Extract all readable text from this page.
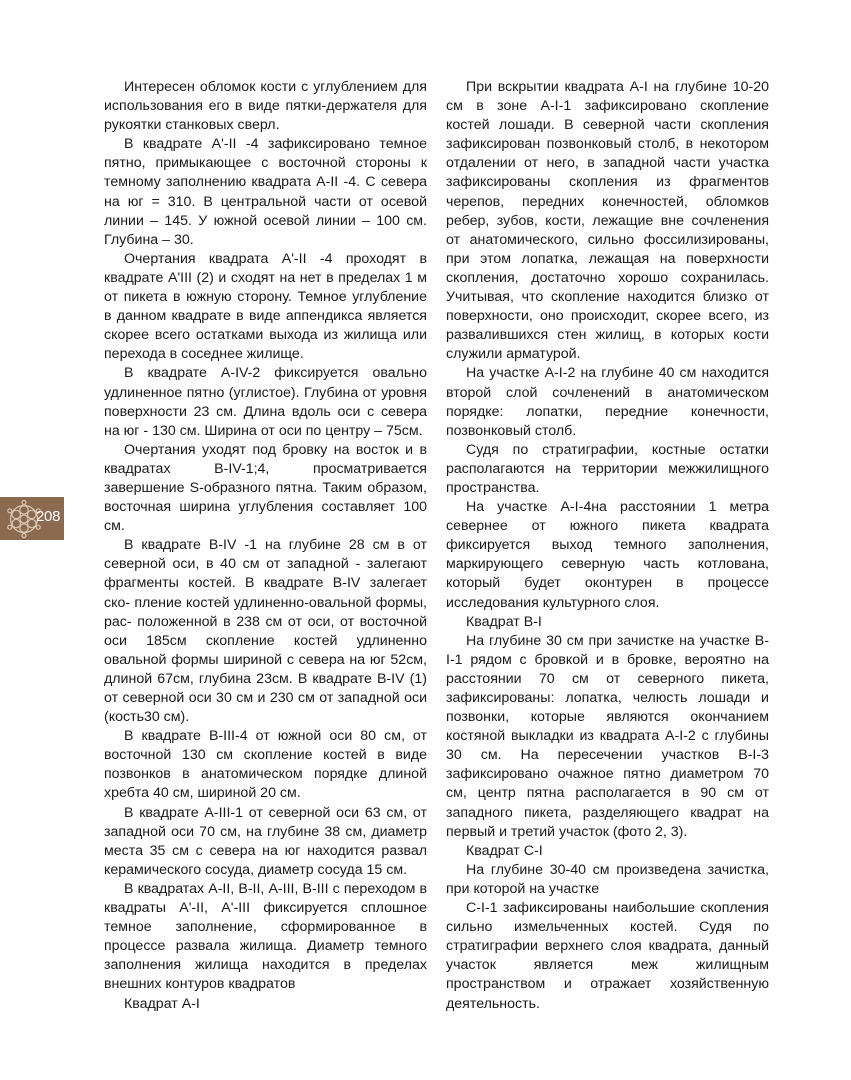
Интересен обломок кости с углублением для использования его в виде пятки-держателя для рукоятки станковых сверл.

В квадрате А'-II -4 зафиксировано темное пятно, примыкающее с восточной стороны к темному заполнению квадрата А-II -4. С севера на юг = 310. В центральной части от осевой линии – 145. У южной осевой линии – 100 см. Глубина – 30.

Очертания квадрата А'-II -4 проходят в квадрате А'III (2) и сходят на нет в пределах 1 м от пикета в южную сторону. Темное углубление в данном квадрате в виде аппендикса является скорее всего остатками выхода из жилища или перехода в соседнее жилище.

В квадрате А-IV-2 фиксируется овально удлиненное пятно (углистое). Глубина от уровня поверхности 23 см. Длина вдоль оси с севера на юг - 130 см. Ширина от оси по центру – 75см.

Очертания уходят под бровку на восток и в квадратах В-IV-1;4, просматривается завершение S-образного пятна. Таким образом, восточная ширина углубления составляет 100 см.

В квадрате В-IV -1 на глубине 28 см в от северной оси, в 40 см от западной - залегают фрагменты костей. В квадрате В-IV залегает ско- пление костей удлиненно-овальной формы, рас- положенной в 238 см от оси, от восточной оси 185см скопление костей удлиненно овальной формы шириной с севера на юг 52см, длиной 67см, глубина 23см. В квадрате В-IV (1) от северной оси 30 см и 230 см от западной оси (кость30 см).

В квадрате В-III-4 от южной оси 80 см, от восточной 130 см скопление костей в виде позвонков в анатомическом порядке длиной хребта 40 см, шириной 20 см.

В квадрате А-III-1 от северной оси 63 см, от западной оси 70 см, на глубине 38 см, диаметр места 35 см с севера на юг находится развал керамического сосуда, диаметр сосуда 15 см.

В квадратах А-II, В-II, А-III, В-III с переходом в квадраты А'-II, А'-III фиксируется сплошное темное заполнение, сформированное в процессе развала жилища. Диаметр темного заполнения жилища находится в пределах внешних контуров квадратов

Квадрат А-I

При вскрытии квадрата А-I на глубине 10-20 см в зоне А-I-1 зафиксировано скопление костей лошади. В северной части скопления зафиксирован позвонковый столб, в некотором отдалении от него, в западной части участка зафиксированы скопления из фрагментов черепов, передних конечностей, обломков ребер, зубов, кости, лежащие вне сочленения от анатомического, сильно фоссилизированы, при этом лопатка, лежащая на поверхности скопления, достаточно хорошо сохранилась. Учитывая, что скопление находится близко от поверхности, оно происходит, скорее всего, из развалившихся стен жилищ, в которых кости служили арматурой.

На участке А-I-2 на глубине 40 см находится второй слой сочленений в анатомическом порядке: лопатки, передние конечности, позвонковый столб.

Судя по стратиграфии, костные остатки располагаются на территории межжилищного пространства.

На участке А-I-4на расстоянии 1 метра севернее от южного пикета квадрата фиксируется выход темного заполнения, маркирующего северную часть котлована, который будет оконтурен в процессе исследования культурного слоя.

Квадрат В-I

На глубине 30 см при зачистке на участке В-I-1 рядом с бровкой и в бровке, вероятно на расстоянии 70 см от северного пикета, зафиксированы: лопатка, челюсть лошади и позвонки, которые являются окончанием костяной выкладки из квадрата А-I-2 с глубины 30 см. На пересечении участков В-I-3 зафиксировано очажное пятно диаметром 70 см, центр пятна располагается в 90 см от западного пикета, разделяющего квадрат на первый и третий участок (фото 2, 3).

Квадрат С-I

На глубине 30-40 см произведена зачистка, при которой на участке

С-I-1 зафиксированы наибольшие скопления сильно измельченных костей. Судя по стратиграфии верхнего слоя квадрата, данный участок является меж жилищным пространством и отражает хозяйственную деятельность.

208
